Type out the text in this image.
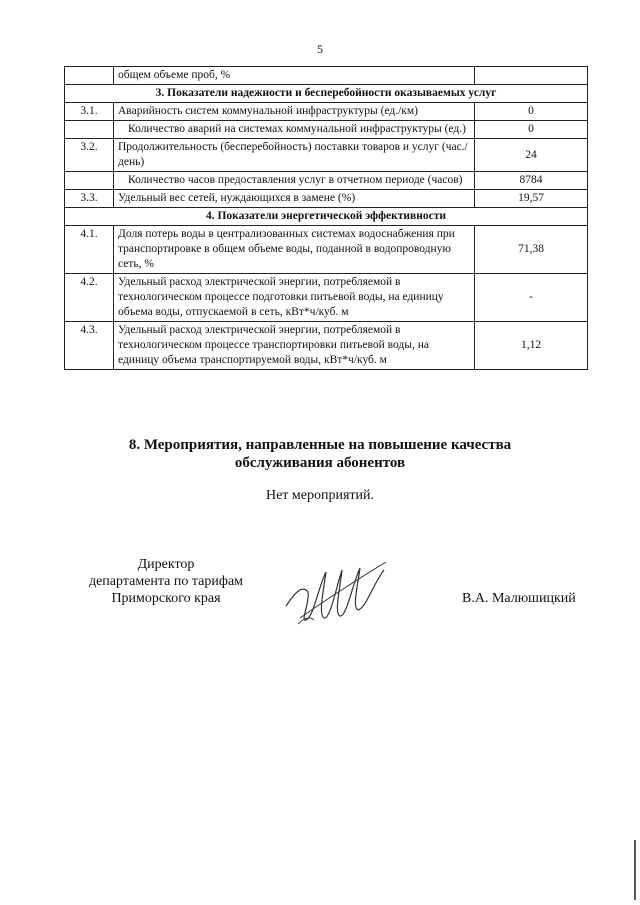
5
	общем объеме проб, %	
3. Показатели надежности и бесперебойности оказываемых услуг		
3.1.	Аварийность систем коммунальной инфраструктуры (ед./км)	0
	Количество аварий на системах коммунальной инфраструктуры (ед.)	0
3.2.	Продолжительность (бесперебойность) поставки товаров и услуг (час./день)	24
	Количество часов предоставления услуг в отчетном периоде (часов)	8784
3.3.	Удельный вес сетей, нуждающихся в замене (%)	19,57
4. Показатели энергетической эффективности		
4.1.	Доля потерь воды в централизованных системах водоснабжения при транспортировке в общем объеме воды, поданной в водопроводную сеть, %	71,38
4.2.	Удельный расход электрической энергии, потребляемой в технологическом процессе подготовки питьевой воды, на единицу объема воды, отпускаемой в сеть, кВт*ч/куб. м	-
4.3.	Удельный расход электрической энергии, потребляемой в технологическом процессе транспортировки питьевой воды, на единицу объема транспортируемой воды, кВт*ч/куб. м	1,12
8. Мероприятия, направленные на повышение качества
обслуживания абонентов
Нет мероприятий.
Директор
департамента по тарифам
Приморского края	В.А. Малюшицкий
